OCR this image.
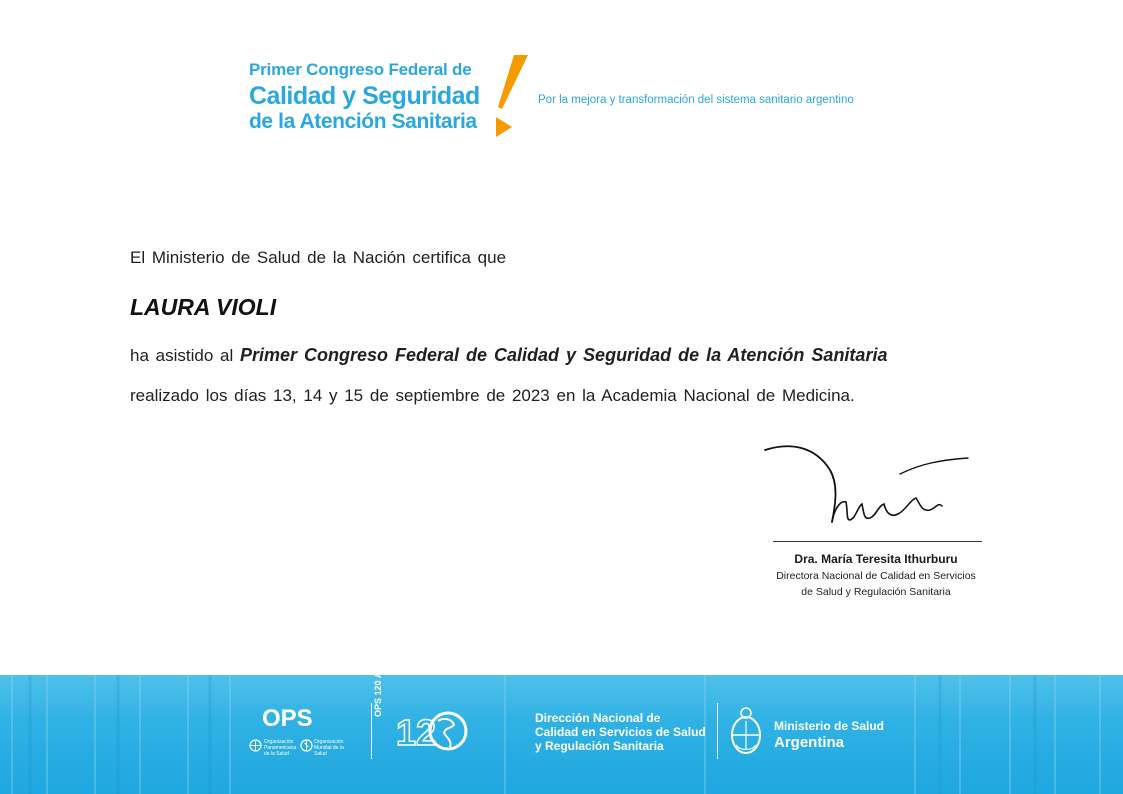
Primer Congreso Federal de
Calidad y Seguridad
de la Atención Sanitaria
Por la mejora y transformación del sistema sanitario argentino
El Ministerio de Salud de la Nación certifica que
LAURA VIOLI
ha asistido al Primer Congreso Federal de Calidad y Seguridad de la Atención Sanitaria
realizado los días 13, 14 y 15 de septiembre de 2023 en la Academia Nacional de Medicina.
Dra. María Teresita Ithurburu
Directora Nacional de Calidad en Servicios
de Salud y Regulación Sanitaria
OPS
Organización Panamericana de la Salud
Organización Mundial de la Salud
12
OPS 120 ANIVERSARIO
Dirección Nacional de
Calidad en Servicios de Salud
y Regulación Sanitaria
Ministerio de Salud
Argentina
